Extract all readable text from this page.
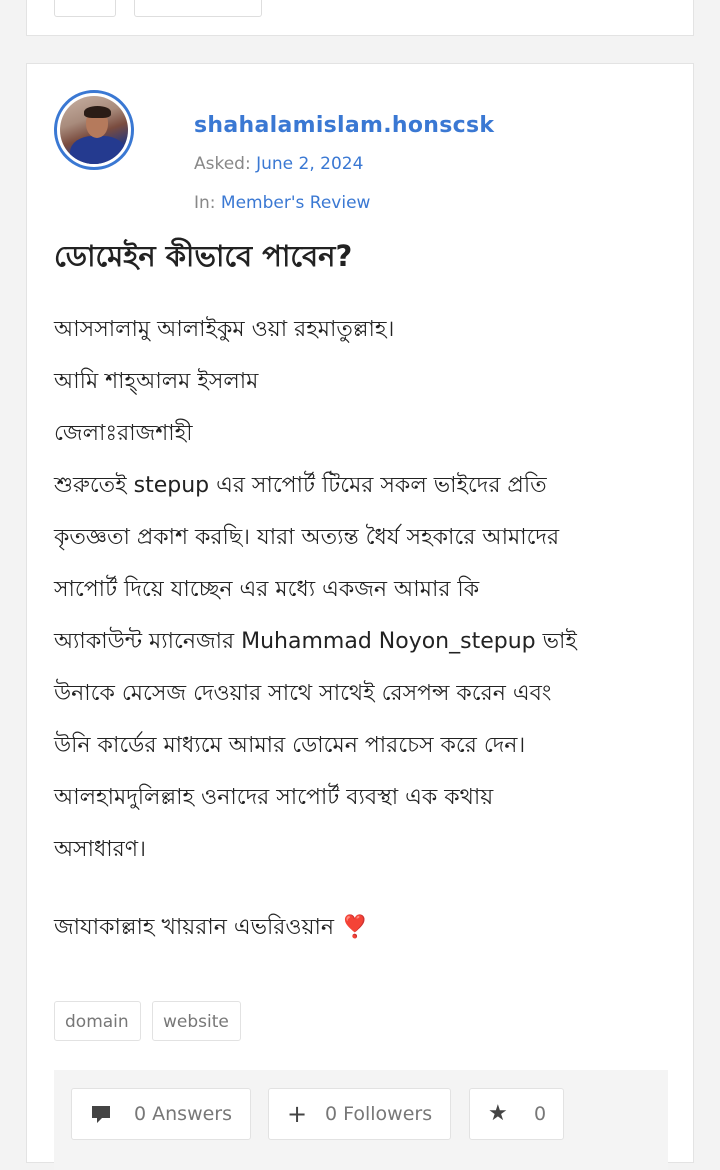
shahalamislam.honscsk
Asked: June 2, 2024
In: Member's Review
ডোমেইন কীভাবে পাবেন?

আসসালামু আলাইকুম ওয়া রহমাতুল্লাহ।

আমি শাহ্আলম ইসলাম

জেলাঃরাজশাহী

শুরুতেই stepup এর সাপোর্ট টিমের সকল ভাইদের প্রতি

কৃতজ্ঞতা প্রকাশ করছি। যারা অত্যন্ত ধৈর্য সহকারে আমাদের

সাপোর্ট দিয়ে যাচ্ছেন এর মধ্যে একজন আমার কি

অ্যাকাউন্ট ম্যানেজার Muhammad Noyon_stepup ভাই

উনাকে মেসেজ দেওয়ার সাথে সাথেই রেসপন্স করেন এবং

উনি কার্ডের মাধ্যমে আমার ডোমেন পারচেস করে দেন।

আলহামদুলিল্লাহ ওনাদের সাপোর্ট ব্যবস্থা এক কথায়

অসাধারণ।

জাযাকাল্লাহ খায়রান এভরিওয়ান ❣️

domain	website
0 Answers + 0 Followers	★ 0
